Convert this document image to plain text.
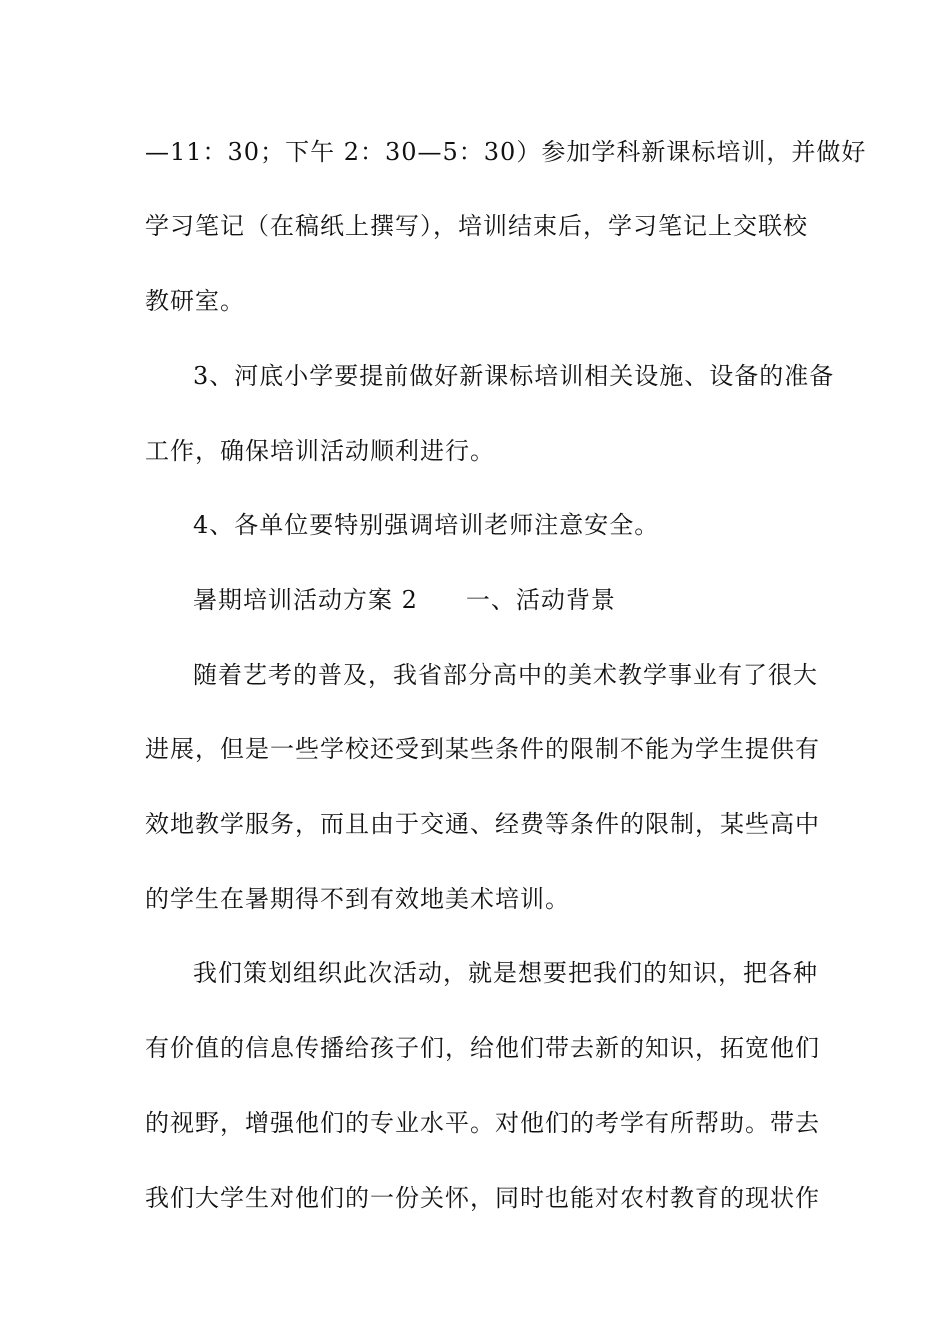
—11：30；下午 2：30—5：30）参加学科新课标培训，并做好
学习笔记（在稿纸上撰写），培训结束后，学习笔记上交联校
教研室。
3、河底小学要提前做好新课标培训相关设施、设备的准备
工作，确保培训活动顺利进行。
4、各单位要特别强调培训老师注意安全。
暑期培训活动方案 2 一、活动背景
随着艺考的普及，我省部分高中的美术教学事业有了很大
进展，但是一些学校还受到某些条件的限制不能为学生提供有
效地教学服务，而且由于交通、经费等条件的限制，某些高中
的学生在暑期得不到有效地美术培训。
我们策划组织此次活动，就是想要把我们的知识，把各种
有价值的信息传播给孩子们，给他们带去新的知识，拓宽他们
的视野，增强他们的专业水平。对他们的考学有所帮助。带去
我们大学生对他们的一份关怀，同时也能对农村教育的现状作
